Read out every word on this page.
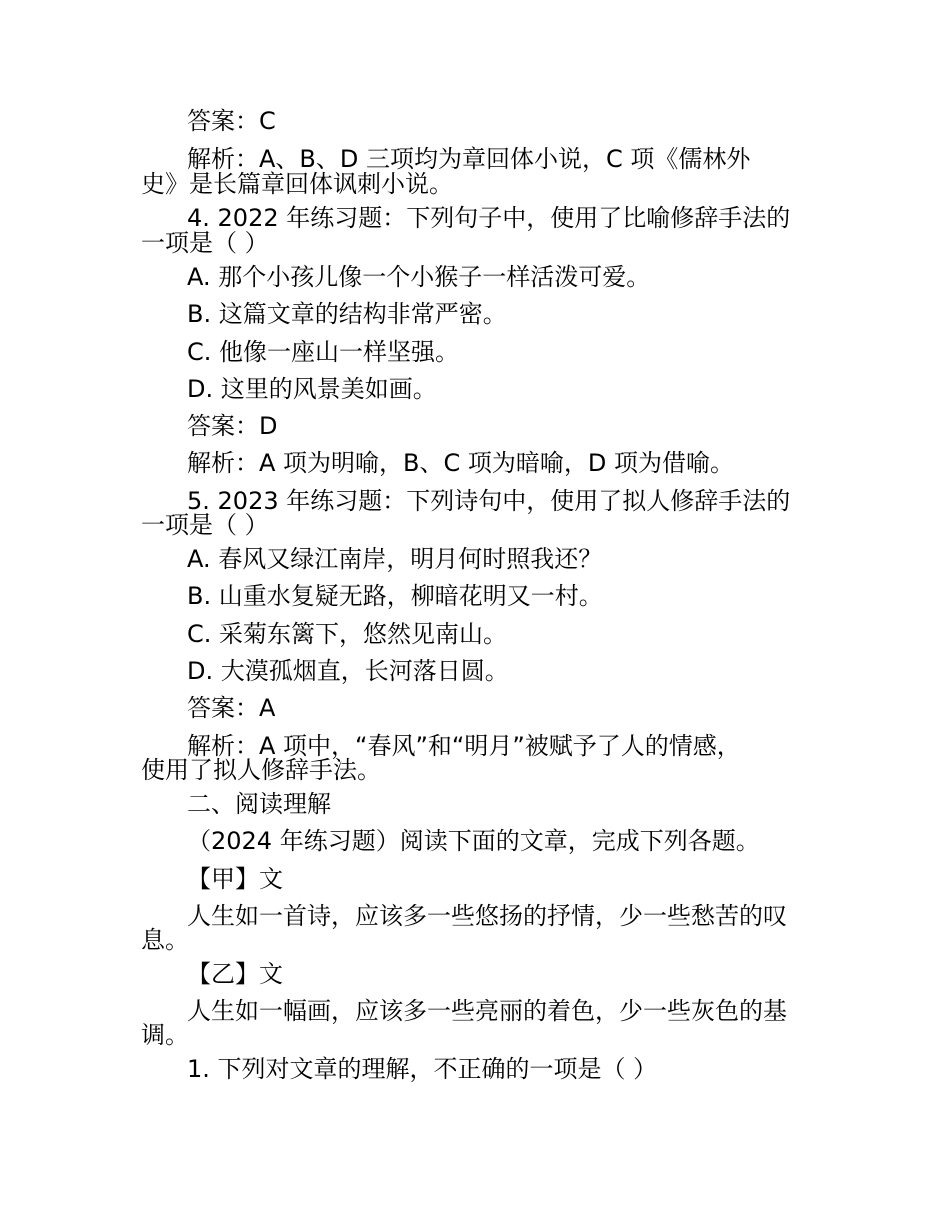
答案：C
解析：A、B、D 三项均为章回体小说，C 项《儒林外
史》是长篇章回体讽刺小说。
4. 2022 年练习题：下列句子中，使用了比喻修辞手法的
一项是（ ）
A. 那个小孩儿像一个小猴子一样活泼可爱。
B. 这篇文章的结构非常严密。
C. 他像一座山一样坚强。
D. 这里的风景美如画。
答案：D
解析：A 项为明喻，B、C 项为暗喻，D 项为借喻。
5. 2023 年练习题：下列诗句中，使用了拟人修辞手法的
一项是（ ）
A. 春风又绿江南岸，明月何时照我还？
B. 山重水复疑无路，柳暗花明又一村。
C. 采菊东篱下，悠然见南山。
D. 大漠孤烟直，长河落日圆。
答案：A
解析：A 项中，“春风”和“明月”被赋予了人的情感，
使用了拟人修辞手法。
二、阅读理解
（2024 年练习题）阅读下面的文章，完成下列各题。
【甲】文
人生如一首诗，应该多一些悠扬的抒情，少一些愁苦的叹
息。
【乙】文
人生如一幅画，应该多一些亮丽的着色，少一些灰色的基
调。
1. 下列对文章的理解，不正确的一项是（ ）
